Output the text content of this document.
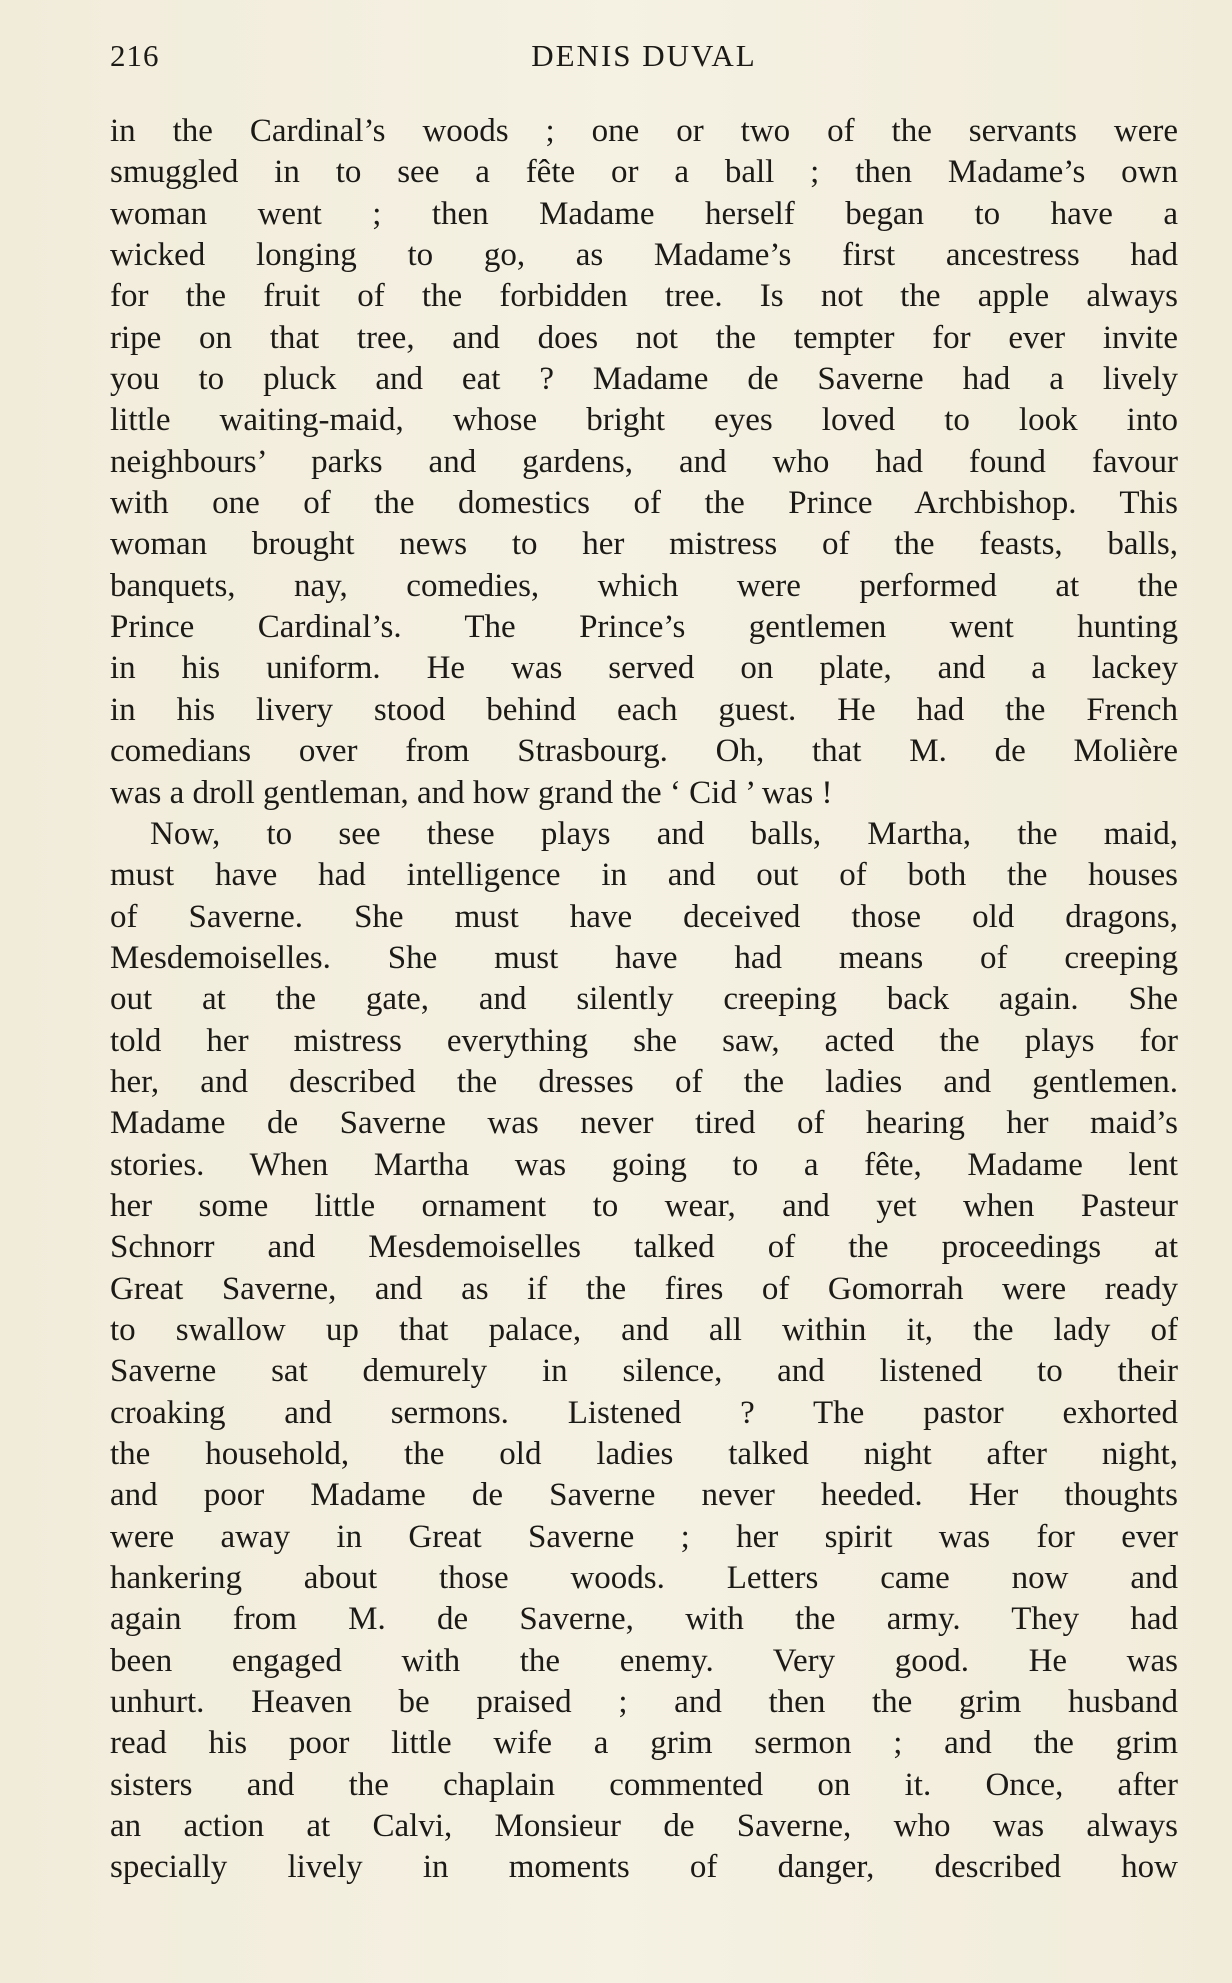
216	DENIS DUVAL
in the Cardinal’s woods ; one or two of the servants were
smuggled in to see a fête or a ball ; then Madame’s own
woman went ; then Madame herself began to have a
wicked longing to go, as Madame’s first ancestress had
for the fruit of the forbidden tree. Is not the apple always
ripe on that tree, and does not the tempter for ever invite
you to pluck and eat ? Madame de Saverne had a lively
little waiting-maid, whose bright eyes loved to look into
neighbours’ parks and gardens, and who had found favour
with one of the domestics of the Prince Archbishop. This
woman brought news to her mistress of the feasts, balls,
banquets, nay, comedies, which were performed at the
Prince Cardinal’s. The Prince’s gentlemen went hunting
in his uniform. He was served on plate, and a lackey
in his livery stood behind each guest. He had the French
comedians over from Strasbourg. Oh, that M. de Molière
was a droll gentleman, and how grand the ‘ Cid ’ was !
Now, to see these plays and balls, Martha, the maid,
must have had intelligence in and out of both the houses
of Saverne. She must have deceived those old dragons,
Mesdemoiselles. She must have had means of creeping
out at the gate, and silently creeping back again. She
told her mistress everything she saw, acted the plays for
her, and described the dresses of the ladies and gentlemen.
Madame de Saverne was never tired of hearing her maid’s
stories. When Martha was going to a fête, Madame lent
her some little ornament to wear, and yet when Pasteur
Schnorr and Mesdemoiselles talked of the proceedings at
Great Saverne, and as if the fires of Gomorrah were ready
to swallow up that palace, and all within it, the lady of
Saverne sat demurely in silence, and listened to their
croaking and sermons. Listened ? The pastor exhorted
the household, the old ladies talked night after night,
and poor Madame de Saverne never heeded. Her thoughts
were away in Great Saverne ; her spirit was for ever
hankering about those woods. Letters came now and
again from M. de Saverne, with the army. They had
been engaged with the enemy. Very good. He was
unhurt. Heaven be praised ; and then the grim husband
read his poor little wife a grim sermon ; and the grim
sisters and the chaplain commented on it. Once, after
an action at Calvi, Monsieur de Saverne, who was always
specially lively in moments of danger, described how
